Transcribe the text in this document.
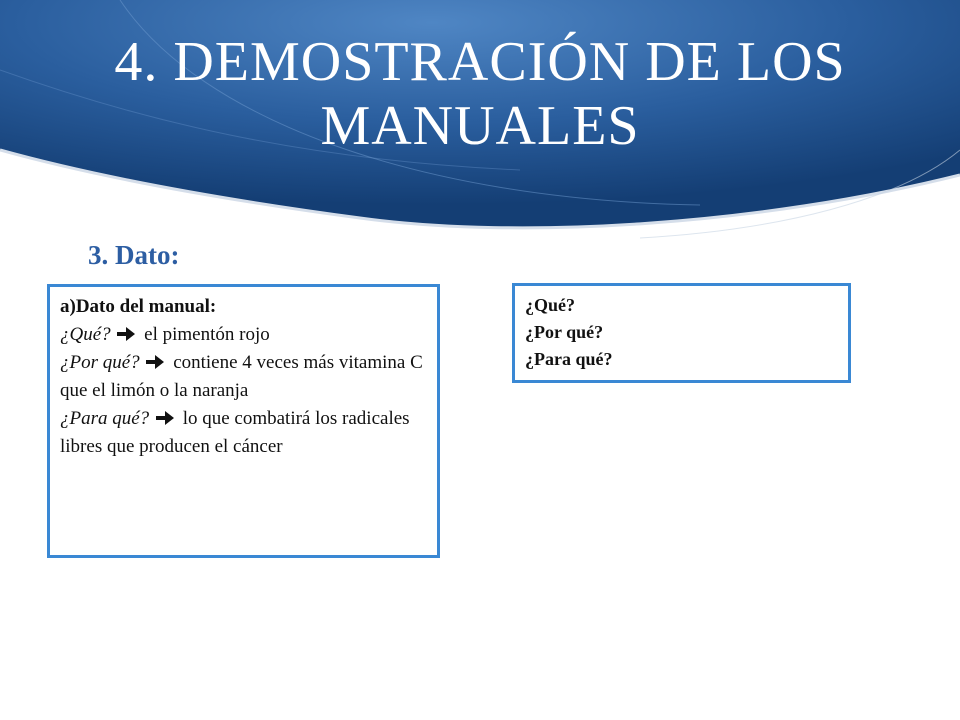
4. DEMOSTRACIÓN DE LOS MANUALES
3. Dato:

a)Dato del manual:

¿Qué? el pimentón rojo

¿Por qué? contiene 4 veces más vitamina C que el limón o la naranja

¿Para qué? lo que combatirá los radicales libres que producen el cáncer

¿Qué?

¿Por qué?

¿Para qué?
